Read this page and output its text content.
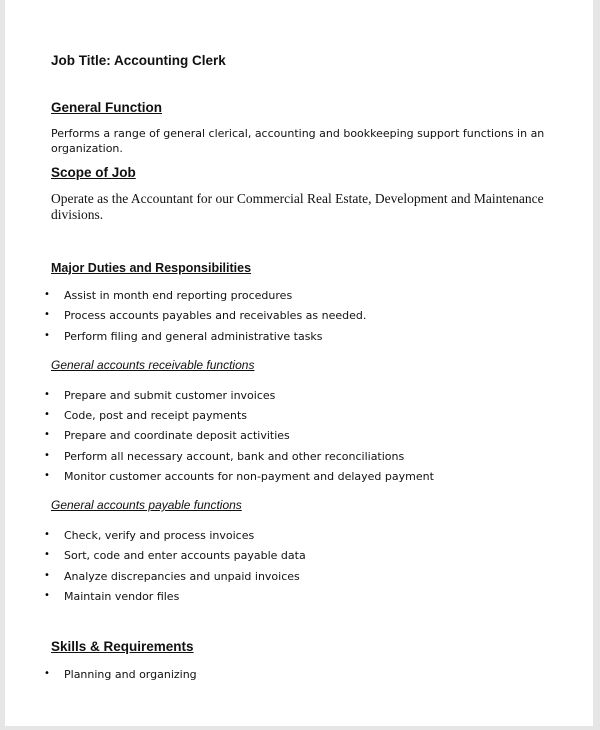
Job Title: Accounting Clerk
General Function
Performs a range of general clerical, accounting and bookkeeping support functions in an
organization.
Scope of Job
Operate as the Accountant for our Commercial Real Estate, Development and Maintenance
divisions.
Major Duties and Responsibilities
General accounts receivable functions
General accounts payable functions
Skills & Requirements
• Assist in month end reporting procedures
• Process accounts payables and receivables as needed.
• Perform filing and general administrative tasks
• Prepare and submit customer invoices
• Code, post and receipt payments
• Prepare and coordinate deposit activities
• Perform all necessary account, bank and other reconciliations
• Monitor customer accounts for non-payment and delayed payment
• Check, verify and process invoices
• Sort, code and enter accounts payable data
• Analyze discrepancies and unpaid invoices
• Maintain vendor files
• Planning and organizing
